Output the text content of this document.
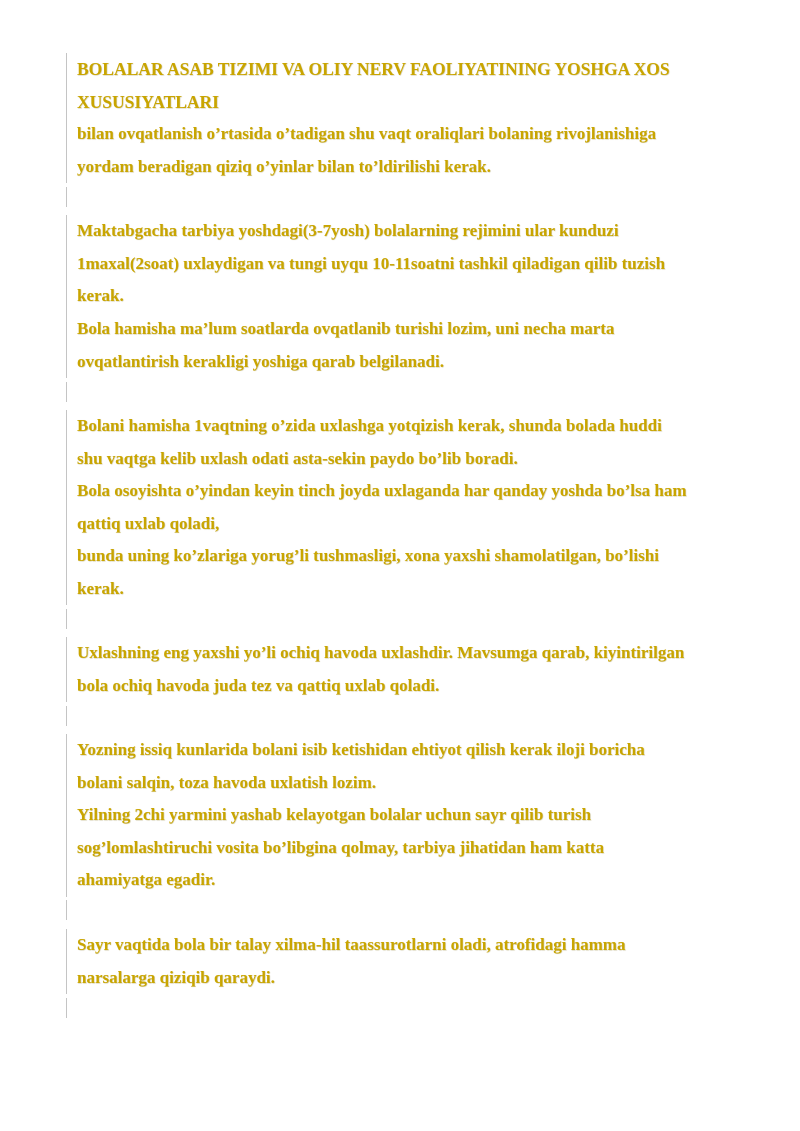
BOLALAR ASAB TIZIMI VA OLIY NERV FAOLIYATINING YOSHGA XOS

XUSUSIYATLARI

bilan ovqatlanish o’rtasida o’tadigan shu vaqt oraliqlari bolaning rivojlanishiga

yordam beradigan qiziq o’yinlar bilan to’ldirilishi kerak.

Maktabgacha tarbiya yoshdagi(3-7yosh) bolalarning rejimini ular kunduzi

1maxal(2soat) uxlaydigan va tungi uyqu 10-11soatni tashkil qiladigan qilib tuzish

kerak.

Bola hamisha ma’lum soatlarda ovqatlanib turishi lozim, uni necha marta

ovqatlantirish kerakligi yoshiga qarab belgilanadi.

Bolani hamisha 1vaqtning o’zida uxlashga yotqizish kerak, shunda bolada huddi

shu vaqtga kelib uxlash odati asta-sekin paydo bo’lib boradi.

Bola osoyishta o’yindan keyin tinch joyda uxlaganda har qanday yoshda bo’lsa ham

qattiq uxlab qoladi,

bunda uning ko’zlariga yorug’li tushmasligi, xona yaxshi shamolatilgan, bo’lishi

kerak.

Uxlashning eng yaxshi yo’li ochiq havoda uxlashdir. Mavsumga qarab, kiyintirilgan

bola ochiq havoda juda tez va qattiq uxlab qoladi.

Yozning issiq kunlarida bolani isib ketishidan ehtiyot qilish kerak iloji boricha

bolani salqin, toza havoda uxlatish lozim.

Yilning 2chi yarmini yashab kelayotgan bolalar uchun sayr qilib turish

sog’lomlashtiruchi vosita bo’libgina qolmay, tarbiya jihatidan ham katta

ahamiyatga egadir.

Sayr vaqtida bola bir talay xilma-hil taassurotlarni oladi, atrofidagi hamma

narsalarga qiziqib qaraydi.
